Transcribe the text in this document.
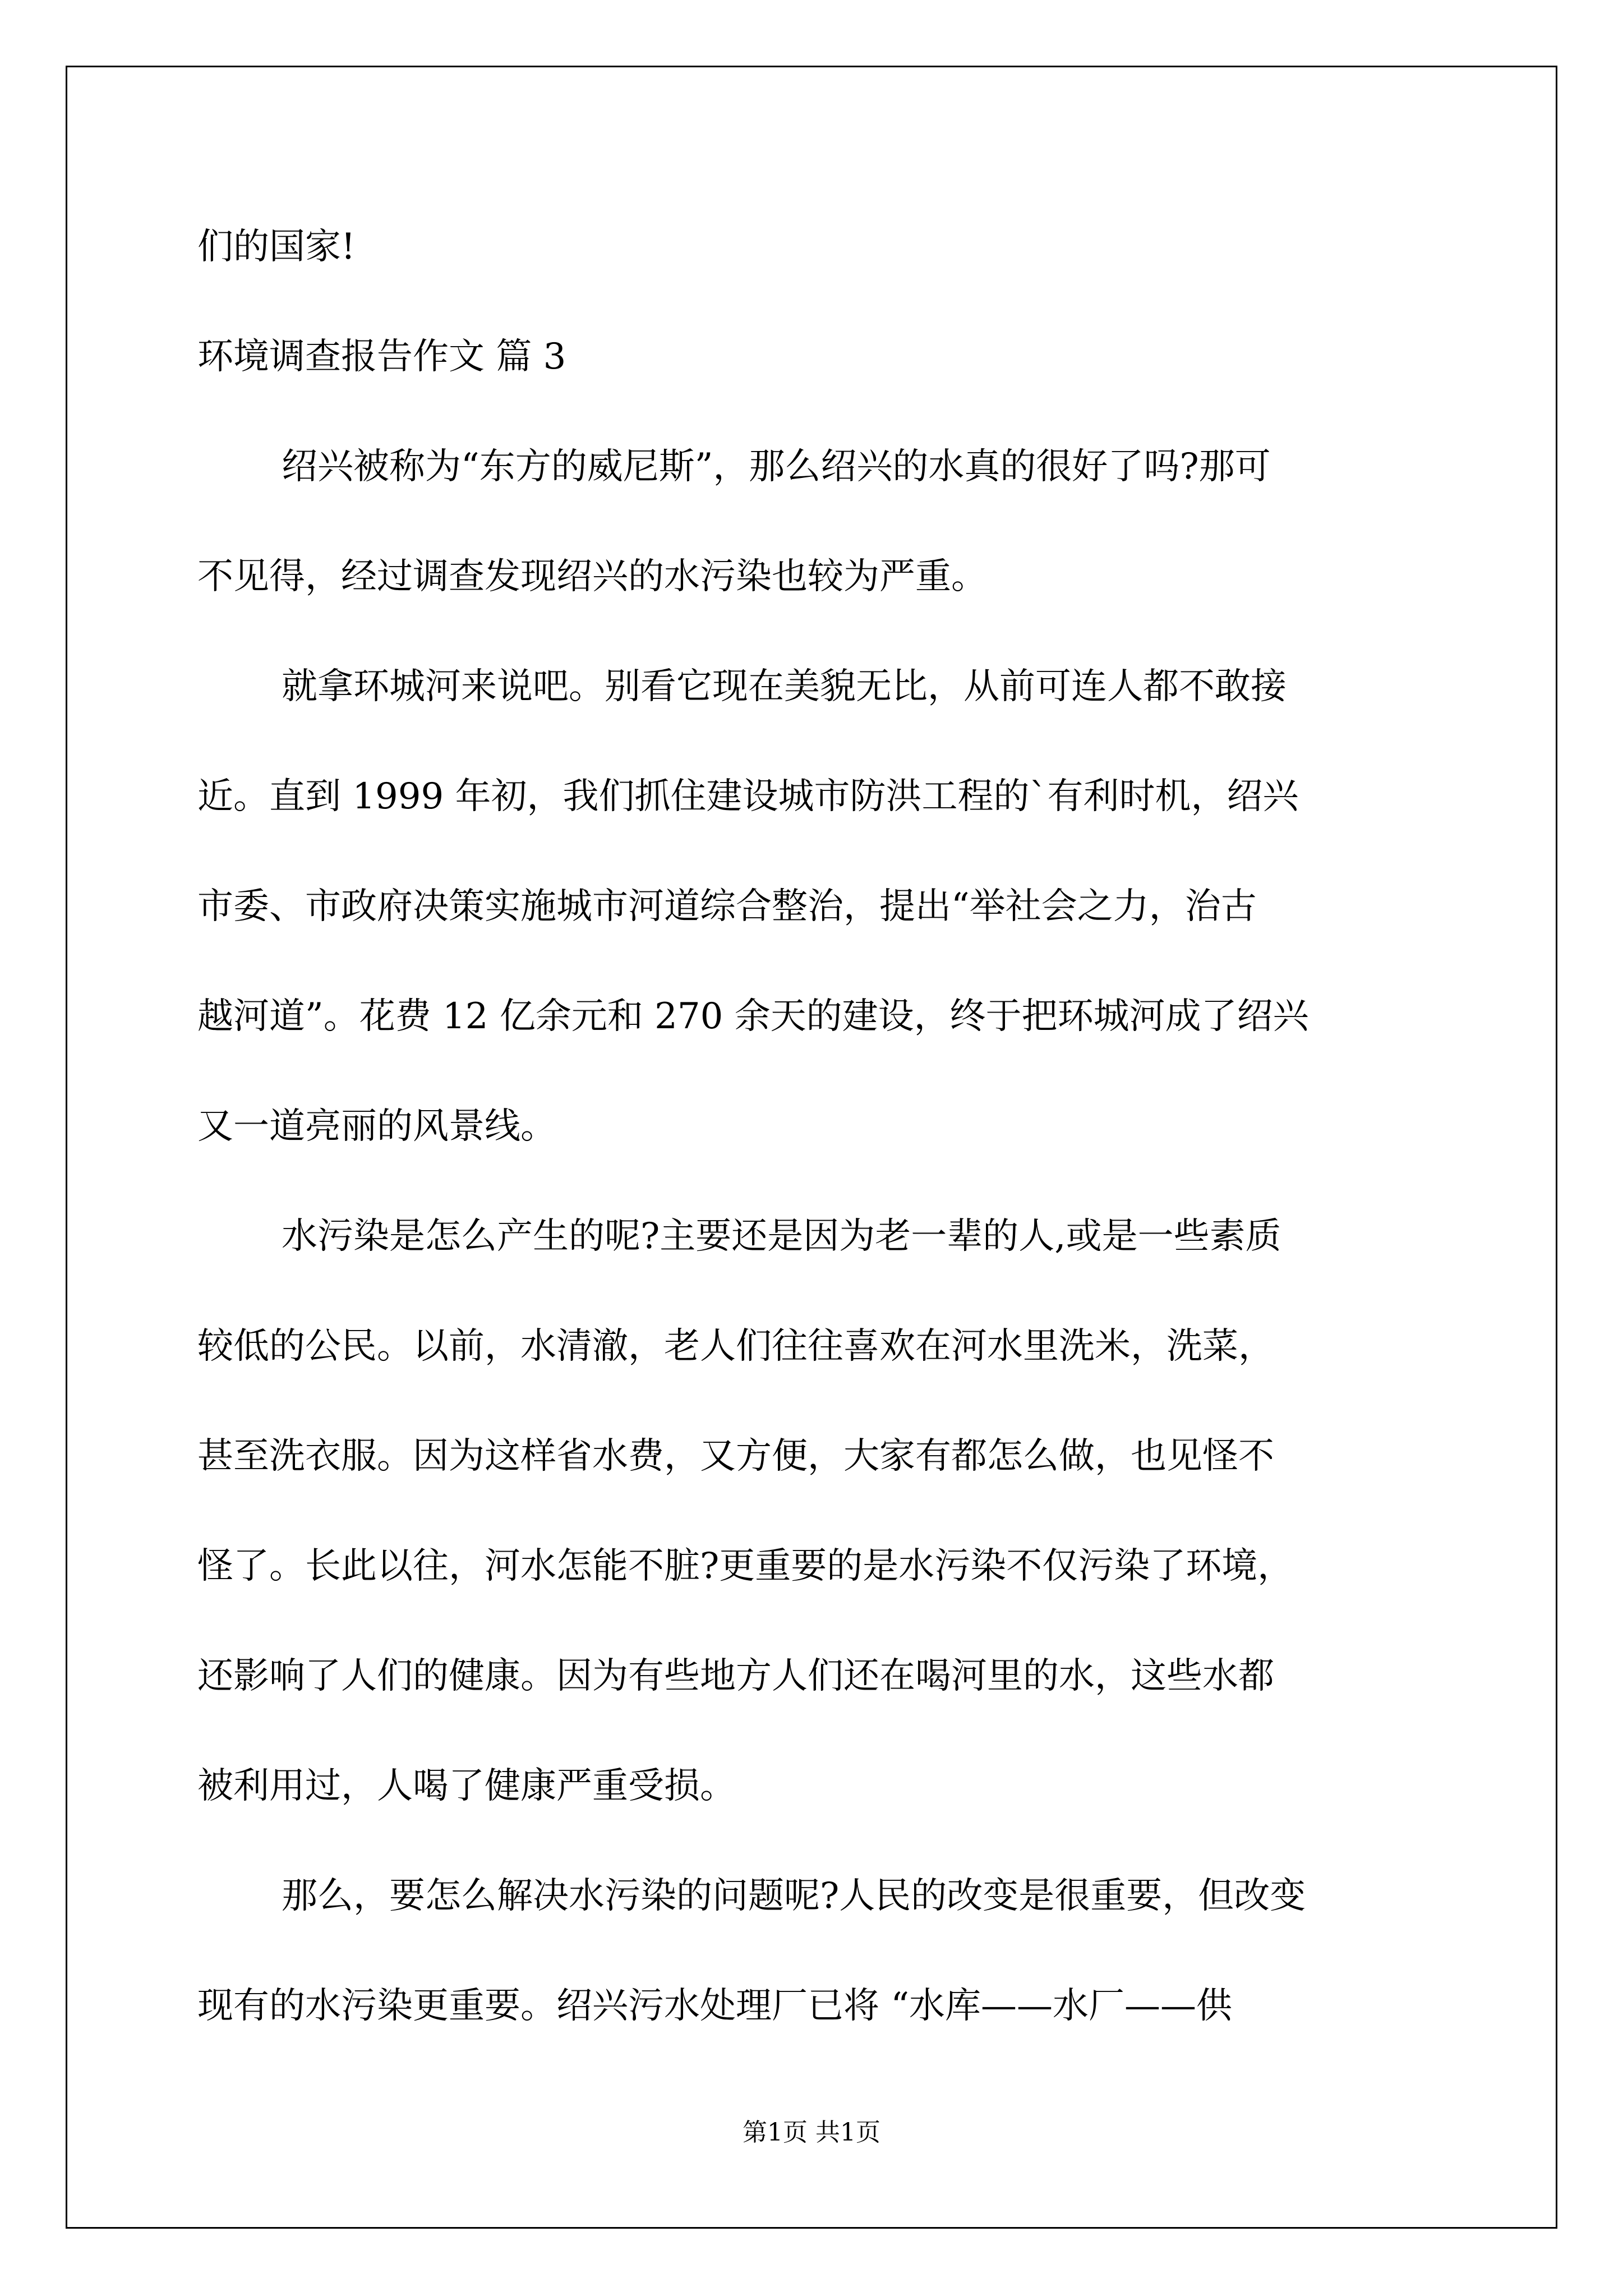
们的国家!
环境调查报告作文 篇 3
绍兴被称为“东方的威尼斯”，那么绍兴的水真的很好了吗?那可
不见得，经过调查发现绍兴的水污染也较为严重。
就拿环城河来说吧。别看它现在美貌无比，从前可连人都不敢接
近。直到 1999 年初，我们抓住建设城市防洪工程的`有利时机，绍兴
市委、市政府决策实施城市河道综合整治，提出“举社会之力，治古
越河道”。花费 12 亿余元和 270 余天的建设，终于把环城河成了绍兴
又一道亮丽的风景线。
水污染是怎么产生的呢?主要还是因为老一辈的人,或是一些素质
较低的公民。以前，水清澈，老人们往往喜欢在河水里洗米，洗菜，
甚至洗衣服。因为这样省水费，又方便，大家有都怎么做，也见怪不
怪了。长此以往，河水怎能不脏?更重要的是水污染不仅污染了环境，
还影响了人们的健康。因为有些地方人们还在喝河里的水，这些水都
被利用过，人喝了健康严重受损。
那么，要怎么解决水污染的问题呢?人民的改变是很重要，但改变
现有的水污染更重要。绍兴污水处理厂已将 “水库——水厂——供
第1页 共1页
